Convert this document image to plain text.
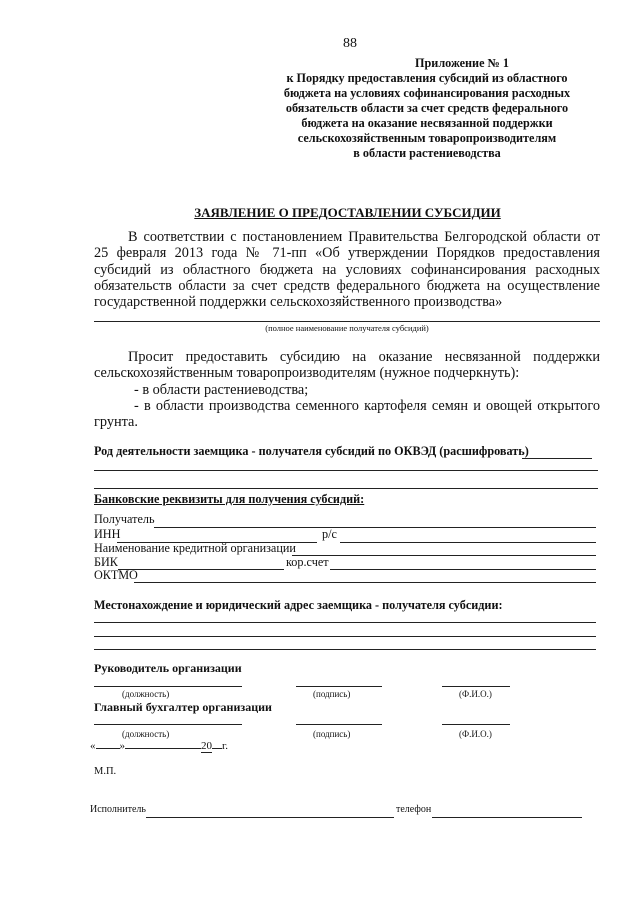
88
Приложение № 1
к Порядку предоставления субсидий из областного
бюджета на условиях софинансирования расходных
обязательств области за счет средств федерального
бюджета на оказание несвязанной поддержки
сельскохозяйственным товаропроизводителям
в области растениеводства
ЗАЯВЛЕНИЕ О ПРЕДОСТАВЛЕНИИ СУБСИДИИ
В соответствии с постановлением Правительства Белгородской области от 25 февраля 2013 года № 71-пп «Об утверждении Порядков предоставления субсидий из областного бюджета на условиях софинансирования расходных обязательств области за счет средств федерального бюджета на осуществление государственной поддержки сельскохозяйственного производства»
(полное наименование получателя субсидий)
Просит предоставить субсидию на оказание несвязанной поддержки сельскохозяйственным товаропроизводителям (нужное подчеркнуть):
- в области растениеводства;
- в области производства семенного картофеля семян и овощей открытого грунта.
Род деятельности заемщика - получателя субсидий по ОКВЭД (расшифровать)
Банковские реквизиты для получения субсидий:
Получатель
ИНН	р/с
Наименование кредитной организации
БИК	кор.счет
ОКТМО
Местонахождение и юридический адрес заемщика - получателя субсидии:
Руководитель организации
(должность)	(подпись)	(Ф.И.О.)
Главный бухгалтер организации
(должность)	(подпись)	(Ф.И.О.)
« »	20 г.
М.П.
Исполнитель	телефон
